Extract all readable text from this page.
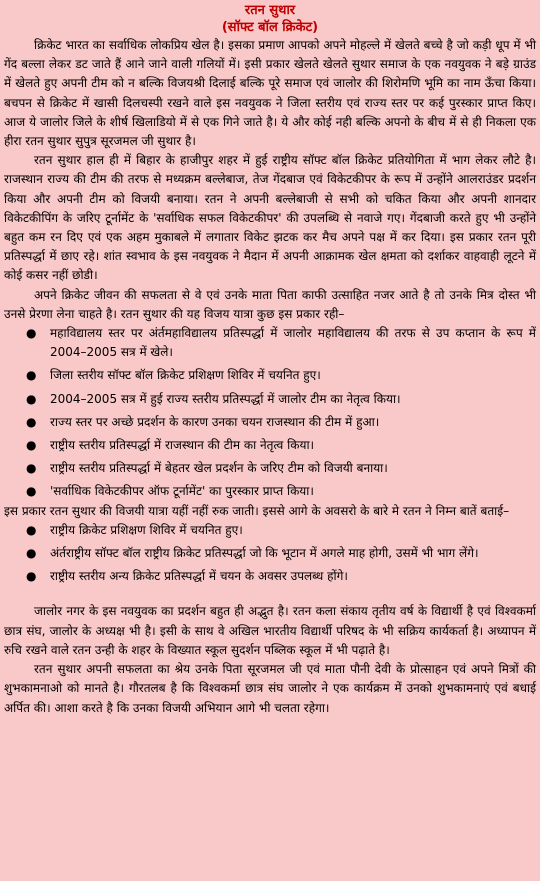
रतन सुथार
(सॉफ्ट बॉल क्रिकेट)

क्रिकेट भारत का सर्वाधिक लोकप्रिय खेल है। इसका प्रमाण आपको अपने मोहल्ले में खेलते बच्चे है जो कड़ी धूप में भी गेंद बल्ला लेकर डट जाते हैं आने जाने वाली गलियों में। इसी प्रकार खेलते खेलते सुथार समाज के एक नवयुवक ने बड़े ग्राउंड में खेलते हुए अपनी टीम को न बल्कि विजयश्री दिलाई बल्कि पूरे समाज एवं जालोर की शिरोमणि भूमि का नाम ऊँचा किया। बचपन से क्रिकेट में खासी दिलचस्पी रखने वाले इस नवयुवक ने जिला स्तरीय एवं राज्य स्तर पर कई पुरस्कार प्राप्त किए। आज ये जालोर जिले के शीर्ष खिलाडियो में से एक गिने जाते है। ये और कोई नही बल्कि अपनो के बीच में से ही निकला एक हीरा रतन सुथार सुपुत्र सूरजमल जी सुथार है।

रतन सुथार हाल ही में बिहार के हाजीपुर शहर में हुई राष्ट्रीय सॉफ्ट बॉल क्रिकेट प्रतियोगिता में भाग लेकर लौटे है। राजस्थान राज्य की टीम की तरफ से मध्यक्रम बल्लेबाज, तेज गेंदबाज एवं विकेटकीपर के रूप में उन्होंने आलराउंडर प्रदर्शन किया और अपनी टीम को विजयी बनाया। रतन ने अपनी बल्लेबाजी से सभी को चकित किया और अपनी शानदार विकेटकीपिंग के जरिए टूर्नामेंट के 'सर्वाधिक सफल विकेटकीपर' की उपलब्धि से नवाजे गए। गेंदबाजी करते हुए भी उन्होंने बहुत कम रन दिए एवं एक अहम मुकाबले में लगातार विकेट झटक कर मैच अपने पक्ष में कर दिया। इस प्रकार रतन पूरी प्रतिस्पर्द्धा में छाए रहे। शांत स्वभाव के इस नवयुवक ने मैदान में अपनी आक्रामक खेल क्षमता को दर्शाकर वाहवाही लूटने में कोई कसर नहीं छोडी।

अपने क्रिकेट जीवन की सफलता से वे एवं उनके माता पिता काफी उत्साहित नजर आते है तो उनके मित्र दोस्त भी उनसे प्रेरणा लेना चाहते है। रतन सुथार की यह विजय यात्रा कुछ इस प्रकार रही–

● महाविद्यालय स्तर पर अंर्तमहाविद्यालय प्रतिस्पर्द्धा में जालोर महाविद्यालय की तरफ से उप कप्तान के रूप में 2004–2005 सत्र में खेले।
● जिला स्तरीय सॉफ्ट बॉल क्रिकेट प्रशिक्षण शिविर में चयनित हुए।
● 2004–2005 सत्र में हुई राज्य स्तरीय प्रतिस्पर्द्धा में जालोर टीम का नेतृत्व किया।
● राज्य स्तर पर अच्छे प्रदर्शन के कारण उनका चयन राजस्थान की टीम में हुआ।
● राष्ट्रीय स्तरीय प्रतिस्पर्द्धा में राजस्थान की टीम का नेतृत्व किया।
● राष्ट्रीय स्तरीय प्रतिस्पर्द्धा में बेहतर खेल प्रदर्शन के जरिए टीम को विजयी बनाया।
● 'सर्वाधिक विकेटकीपर ऑफ टूर्नामेंट' का पुरस्कार प्राप्त किया।

इस प्रकार रतन सुथार की विजयी यात्रा यहीं नहीं रुक जाती। इससे आगे के अवसरो के बारे मे रतन ने निम्न बातें बताई–

● राष्ट्रीय क्रिकेट प्रशिक्षण शिविर में चयनित हुए।
● अंर्तराष्ट्रीय सॉफ्ट बॉल राष्ट्रीय क्रिकेट प्रतिस्पर्द्धा जो कि भूटान में अगले माह होगी, उसमें भी भाग लेंगे।
● राष्ट्रीय स्तरीय अन्य क्रिकेट प्रतिस्पर्द्धा में चयन के अवसर उपलब्ध होंगे।

जालोर नगर के इस नवयुवक का प्रदर्शन बहुत ही अद्भुत है। रतन कला संकाय तृतीय वर्ष के विद्यार्थी है एवं विश्वकर्मा छात्र संघ, जालोर के अध्यक्ष भी है। इसी के साथ वे अखिल भारतीय विद्यार्थी परिषद के भी सक्रिय कार्यकर्ता है। अध्यापन में रुचि रखने वाले रतन उन्ही के शहर के विख्यात स्कूल सुदर्शन पब्लिक स्कूल में भी पढ़ाते है।

रतन सुथार अपनी सफलता का श्रेय उनके पिता सूरजमल जी एवं माता पौनी देवी के प्रोत्साहन एवं अपने मित्रों की शुभकामनाओ को मानते है। गौरतलब है कि विश्वकर्मा छात्र संघ जालोर ने एक कार्यक्रम में उनको शुभकामनाएं एवं बधाई अर्पित की। आशा करते है कि उनका विजयी अभियान आगे भी चलता रहेगा।
